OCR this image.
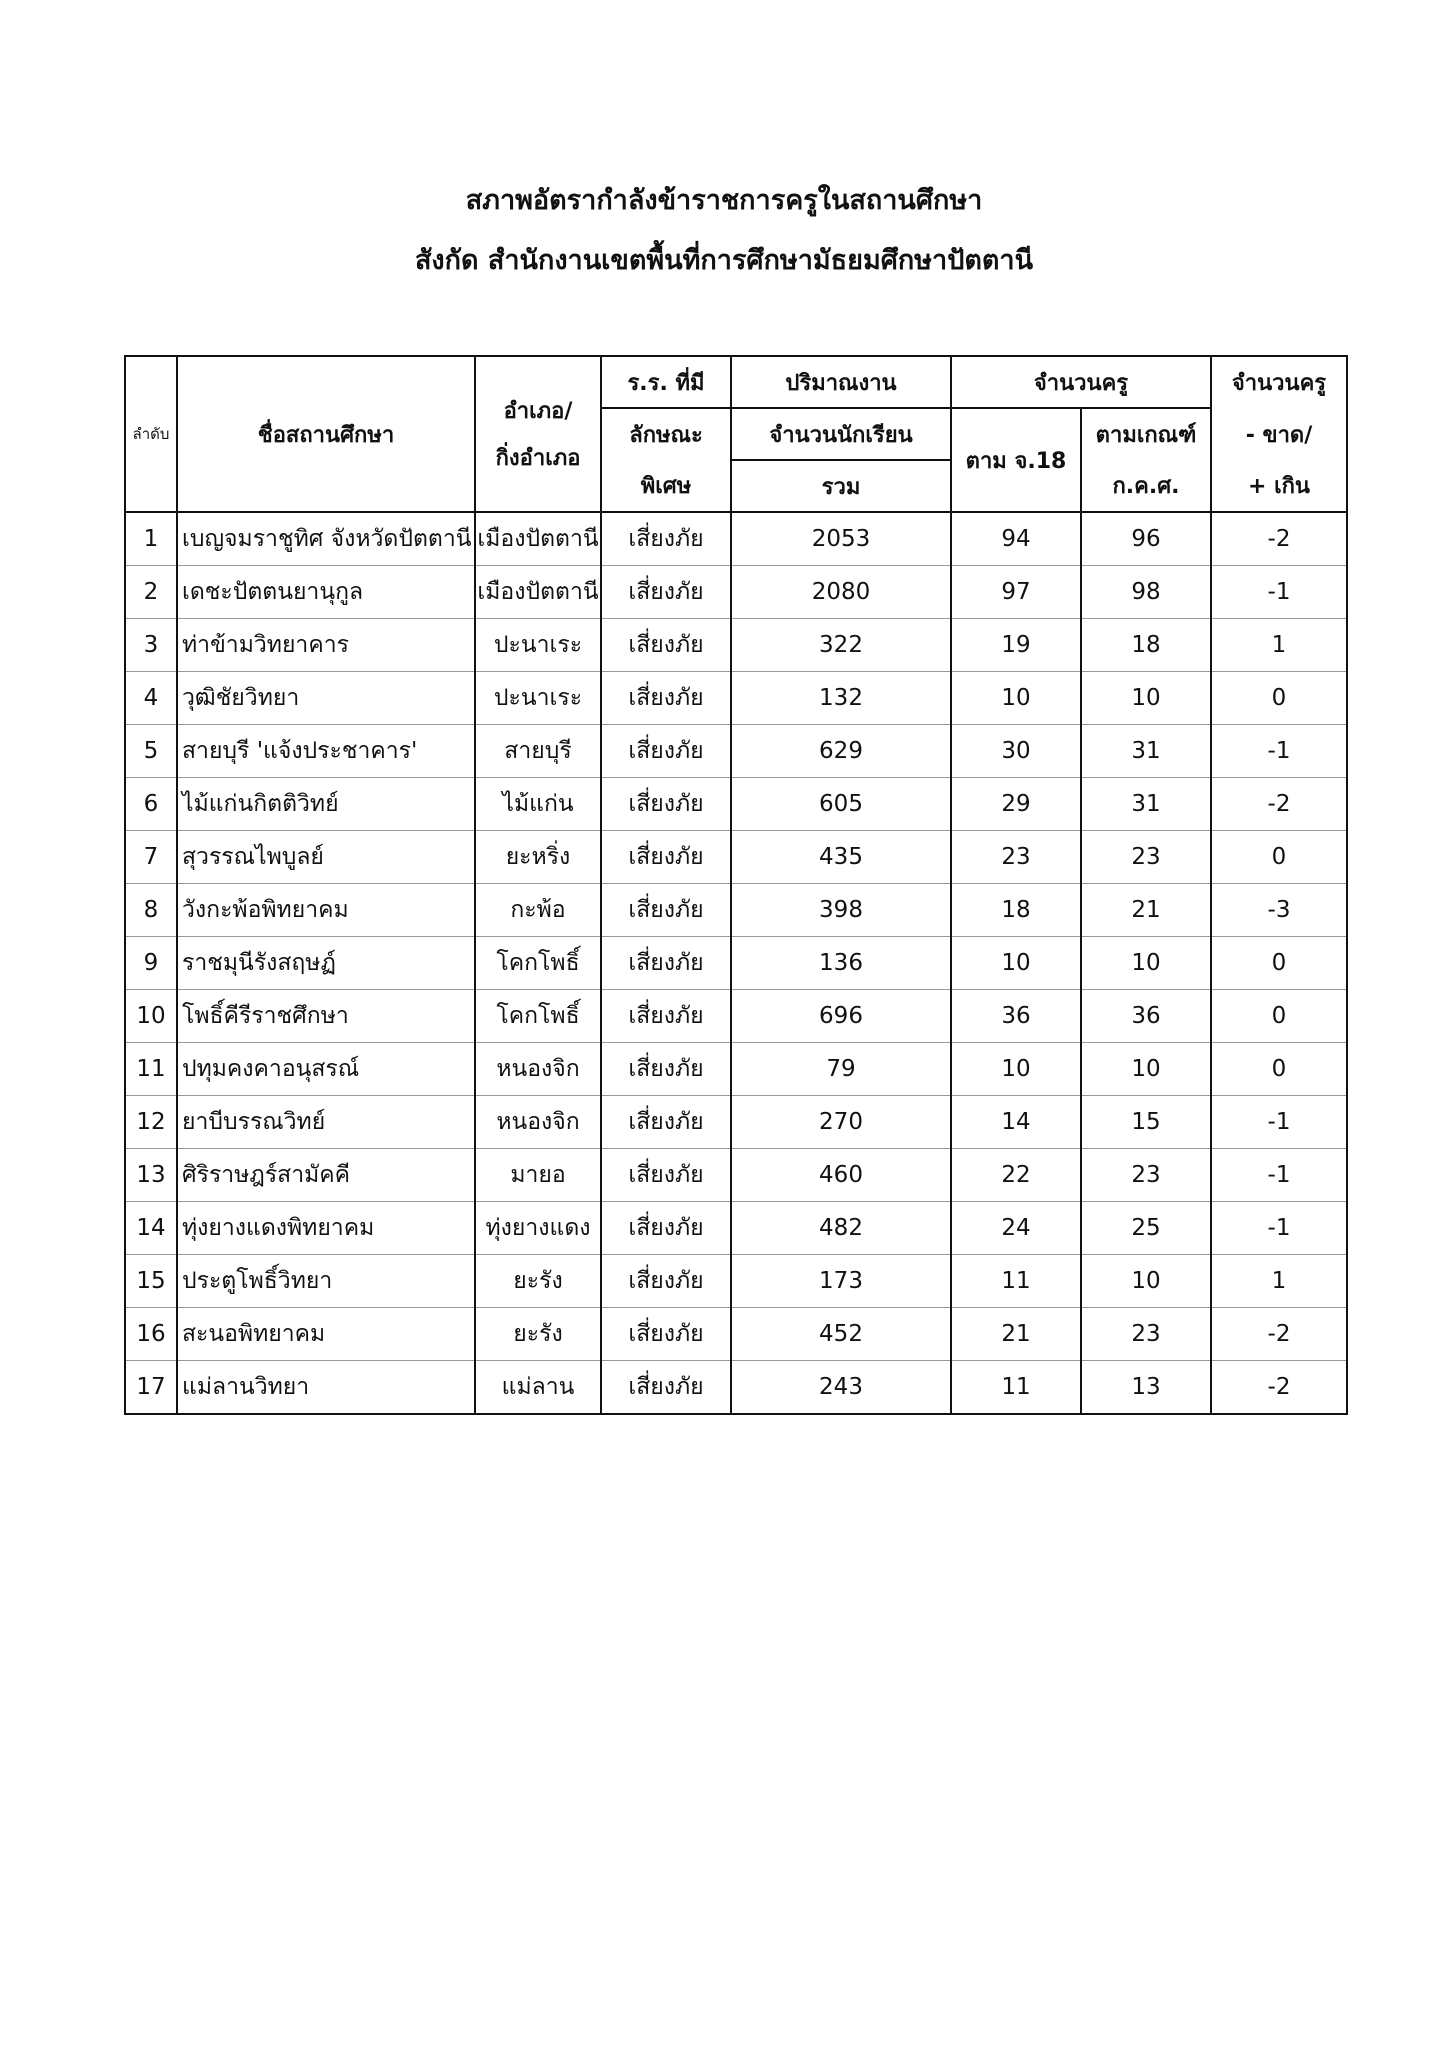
สภาพอัตรากำลังข้าราชการครูในสถานศึกษา
สังกัด สำนักงานเขตพื้นที่การศึกษามัธยมศึกษาปัตตานี
ลำดับ	ชื่อสถานศึกษา	อำเภอ/
กิ่งอำเภอ	ร.ร. ที่มี	ปริมาณงาน	จำนวนครู		จำนวนครู
			ลักษณะ	จำนวนนักเรียน	ตาม จ.18	ตามเกณฑ์	- ขาด/
			พิเศษ	รวม		ก.ค.ศ.	+ เกิน
1	เบญจมราชูทิศ จังหวัดปัตตานี	เมืองปัตตานี	เสี่ยงภัย	2053	94	96	-2
2	เดชะปัตตนยานุกูล	เมืองปัตตานี	เสี่ยงภัย	2080	97	98	-1
3	ท่าข้ามวิทยาคาร	ปะนาเระ	เสี่ยงภัย	322	19	18	1
4	วุฒิชัยวิทยา	ปะนาเระ	เสี่ยงภัย	132	10	10	0
5	สายบุรี 'แจ้งประชาคาร'	สายบุรี	เสี่ยงภัย	629	30	31	-1
6	ไม้แก่นกิตติวิทย์	ไม้แก่น	เสี่ยงภัย	605	29	31	-2
7	สุวรรณไพบูลย์	ยะหริ่ง	เสี่ยงภัย	435	23	23	0
8	วังกะพ้อพิทยาคม	กะพ้อ	เสี่ยงภัย	398	18	21	-3
9	ราชมุนีรังสฤษฏ์	โคกโพธิ์	เสี่ยงภัย	136	10	10	0
10	โพธิ์คีรีราชศึกษา	โคกโพธิ์	เสี่ยงภัย	696	36	36	0
11	ปทุมคงคาอนุสรณ์	หนองจิก	เสี่ยงภัย	79	10	10	0
12	ยาบีบรรณวิทย์	หนองจิก	เสี่ยงภัย	270	14	15	-1
13	ศิริราษฎร์สามัคคี	มายอ	เสี่ยงภัย	460	22	23	-1
14	ทุ่งยางแดงพิทยาคม	ทุ่งยางแดง	เสี่ยงภัย	482	24	25	-1
15	ประตูโพธิ์วิทยา	ยะรัง	เสี่ยงภัย	173	11	10	1
16	สะนอพิทยาคม	ยะรัง	เสี่ยงภัย	452	21	23	-2
17	แม่ลานวิทยา	แม่ลาน	เสี่ยงภัย	243	11	13	-2
